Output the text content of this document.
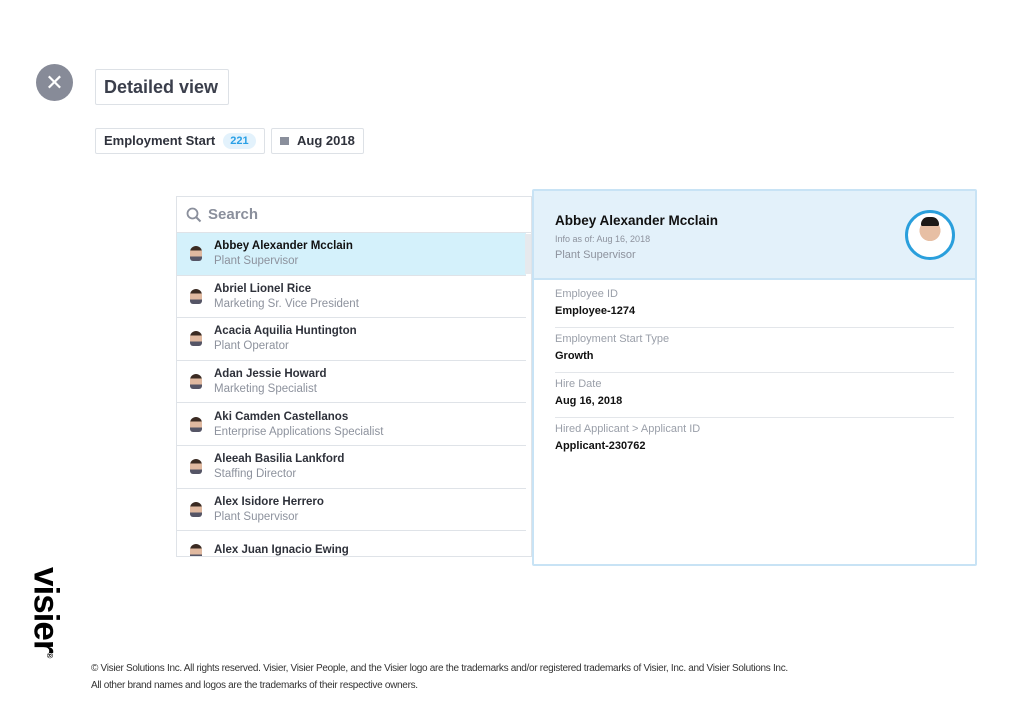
✕	Detailed view
Employment Start	221	Aug 2018
Search
Abbey Alexander Mcclain
Plant Supervisor
Abriel Lionel Rice
Marketing Sr. Vice President
Acacia Aquilia Huntington
Plant Operator
Adan Jessie Howard
Marketing Specialist
Aki Camden Castellanos
Enterprise Applications Specialist
Aleeah Basilia Lankford
Staffing Director
Alex Isidore Herrero
Plant Supervisor
Alex Juan Ignacio Ewing
Abbey Alexander Mcclain
Info as of: Aug 16, 2018
Plant Supervisor
Employee ID
Employee-1274
Employment Start Type
Growth
Hire Date
Aug 16, 2018
Hired Applicant > Applicant ID
Applicant-230762
visier®
© Visier Solutions Inc. All rights reserved. Visier, Visier People, and the Visier logo are the trademarks and/or registered trademarks of Visier, Inc. and Visier Solutions Inc.
All other brand names and logos are the trademarks of their respective owners.
